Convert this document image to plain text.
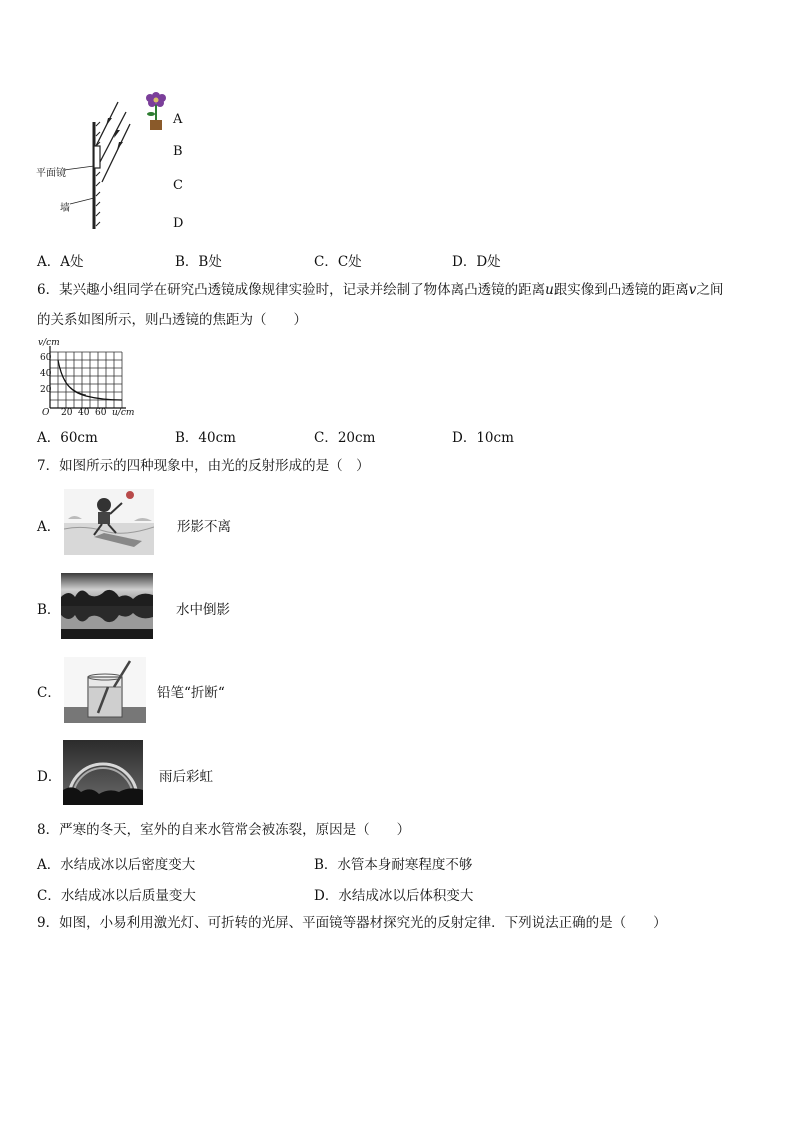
平面镜
墙
A
B
C
D
A．A处	B．B处	C．C处	D．D处
6．某兴趣小组同学在研究凸透镜成像规律实验时，记录并绘制了物体离凸透镜的距离u跟实像到凸透镜的距离v之间
的关系如图所示，则凸透镜的焦距为（　　）
v/cm
60
40
20
O 20 40 60 u/cm
A．60cm	B．40cm	C．20cm	D．10cm
7．如图所示的四种现象中，由光的反射形成的是（　）
A．	形影不离
B．	水中倒影
C．	铅笔“折断“
D．	雨后彩虹
8．严寒的冬天，室外的自来水管常会被冻裂，原因是（　　）
A．水结成冰以后密度变大	B．水管本身耐寒程度不够
C．水结成冰以后质量变大	D．水结成冰以后体积变大
9．如图，小易利用激光灯、可折转的光屏、平面镜等器材探究光的反射定律．下列说法正确的是（　　）
